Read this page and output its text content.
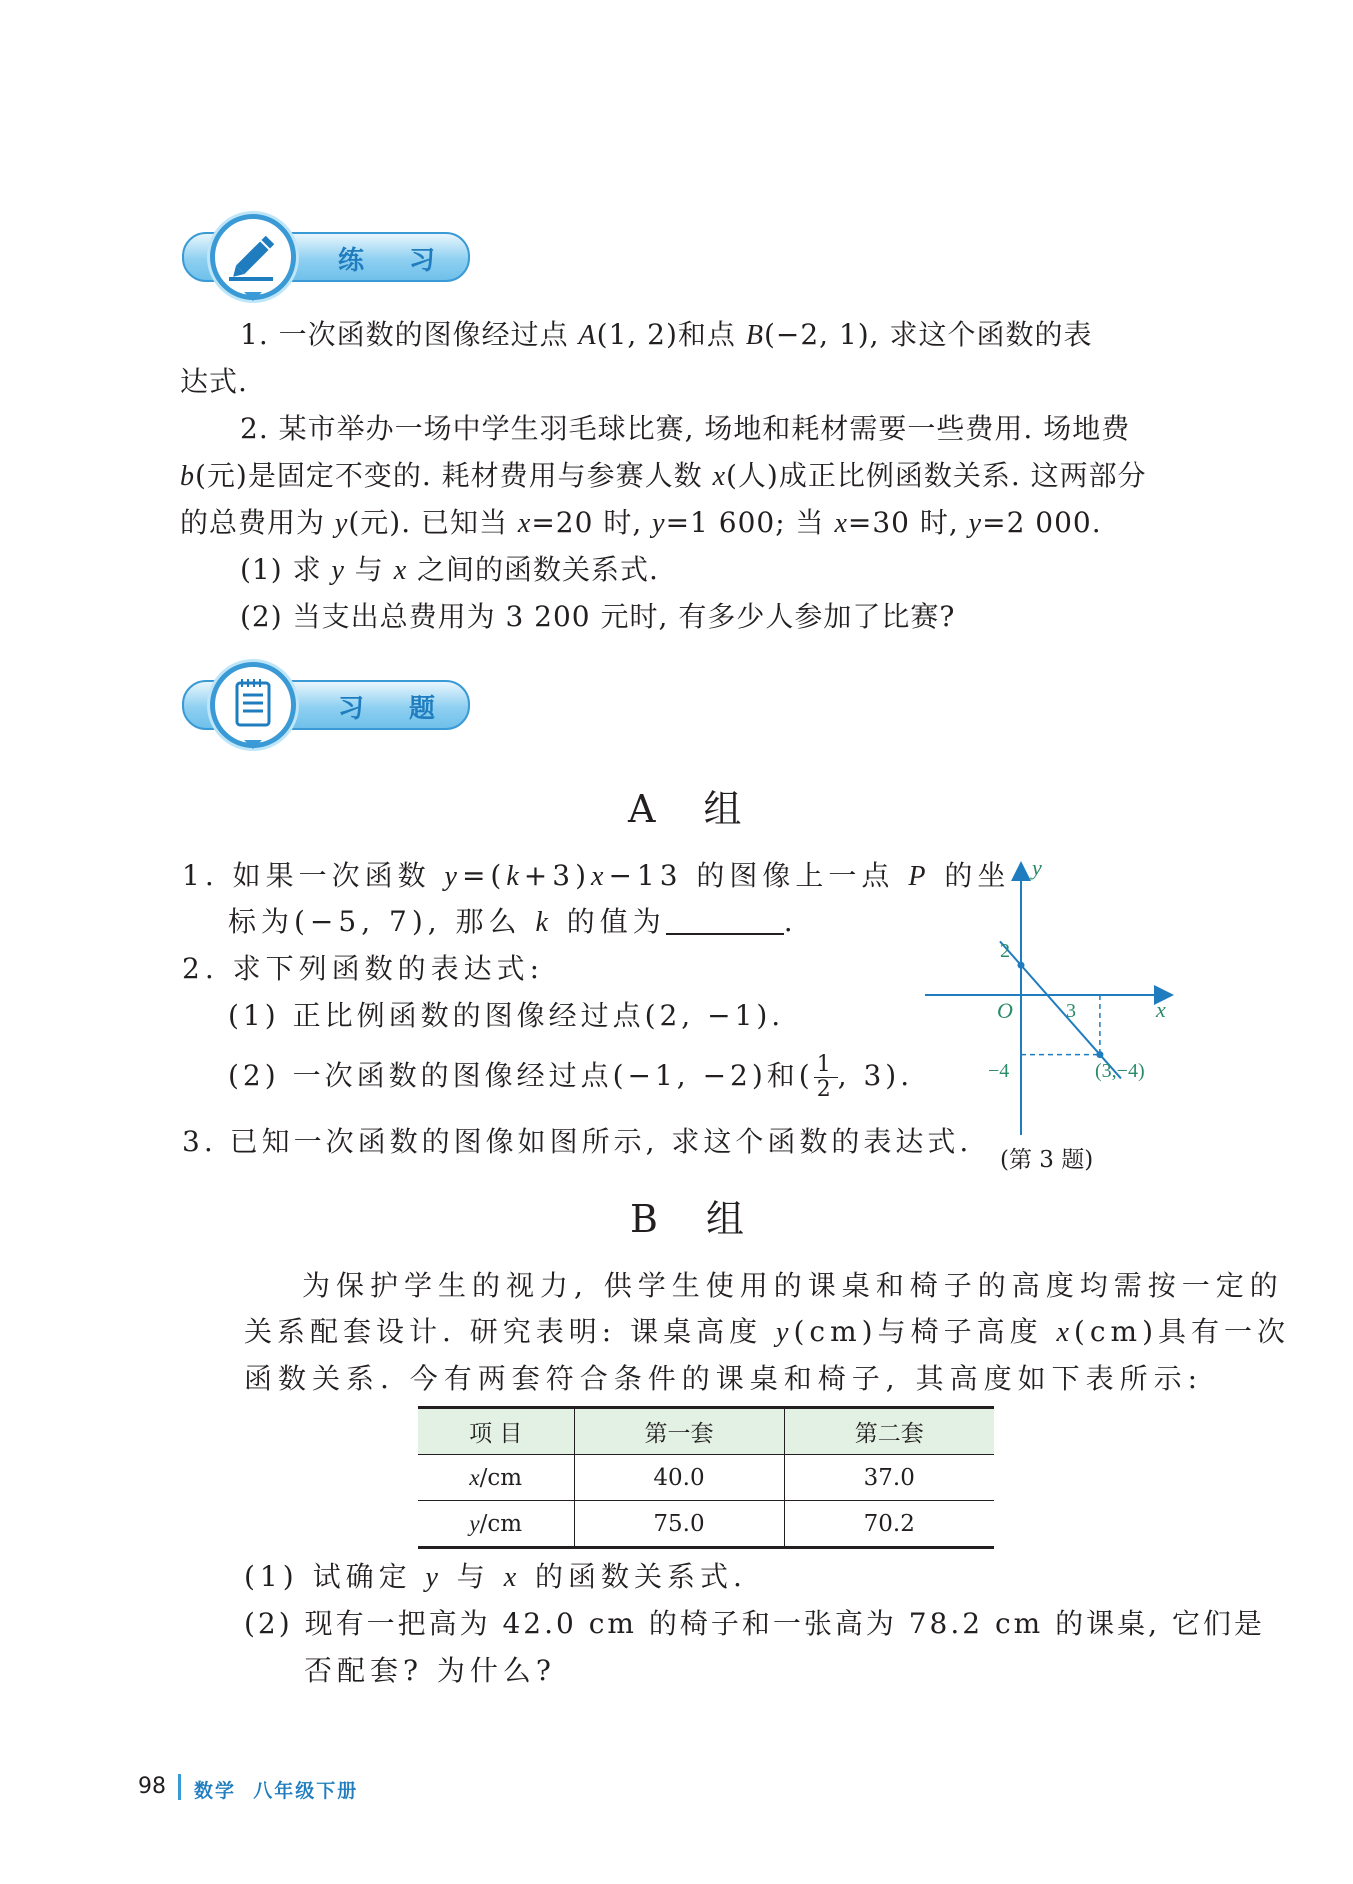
练 习
1. 一次函数的图像经过点 A(1, 2)和点 B(−2, 1), 求这个函数的表
达式.
2. 某市举办一场中学生羽毛球比赛, 场地和耗材需要一些费用. 场地费
b(元)是固定不变的. 耗材费用与参赛人数 x(人)成正比例函数关系. 这两部分
的总费用为 y(元). 已知当 x=20 时, y=1 600; 当 x=30 时, y=2 000.
(1) 求 y 与 x 之间的函数关系式.
(2) 当支出总费用为 3 200 元时, 有多少人参加了比赛?
习 题
A 组
1. 如果一次函数 y=(k+3)x−13 的图像上一点 P 的坐
标为(−5, 7), 那么 k 的值为	.
2. 求下列函数的表达式:
(1) 正比例函数的图像经过点(2, −1).
(2) 一次函数的图像经过点(−1, −2)和( $\frac{1}{2}$ , 3).
3. 已知一次函数的图像如图所示, 求这个函数的表达式.
x
y
O
2
3
−4	(3,−4)
(第 3 题)
B 组
为保护学生的视力, 供学生使用的课桌和椅子的高度均需按一定的
关系配套设计. 研究表明: 课桌高度 y(cm)与椅子高度 x(cm)具有一次
函数关系. 今有两套符合条件的课桌和椅子, 其高度如下表所示:
项 目	第一套	第二套
x/cm	40.0	37.0
y/cm	75.0	70.2
(1) 试确定 y 与 x 的函数关系式.
(2) 现有一把高为 42.0 cm 的椅子和一张高为 78.2 cm 的课桌, 它们是
否配套? 为什么?
98 数学  八年级下册
